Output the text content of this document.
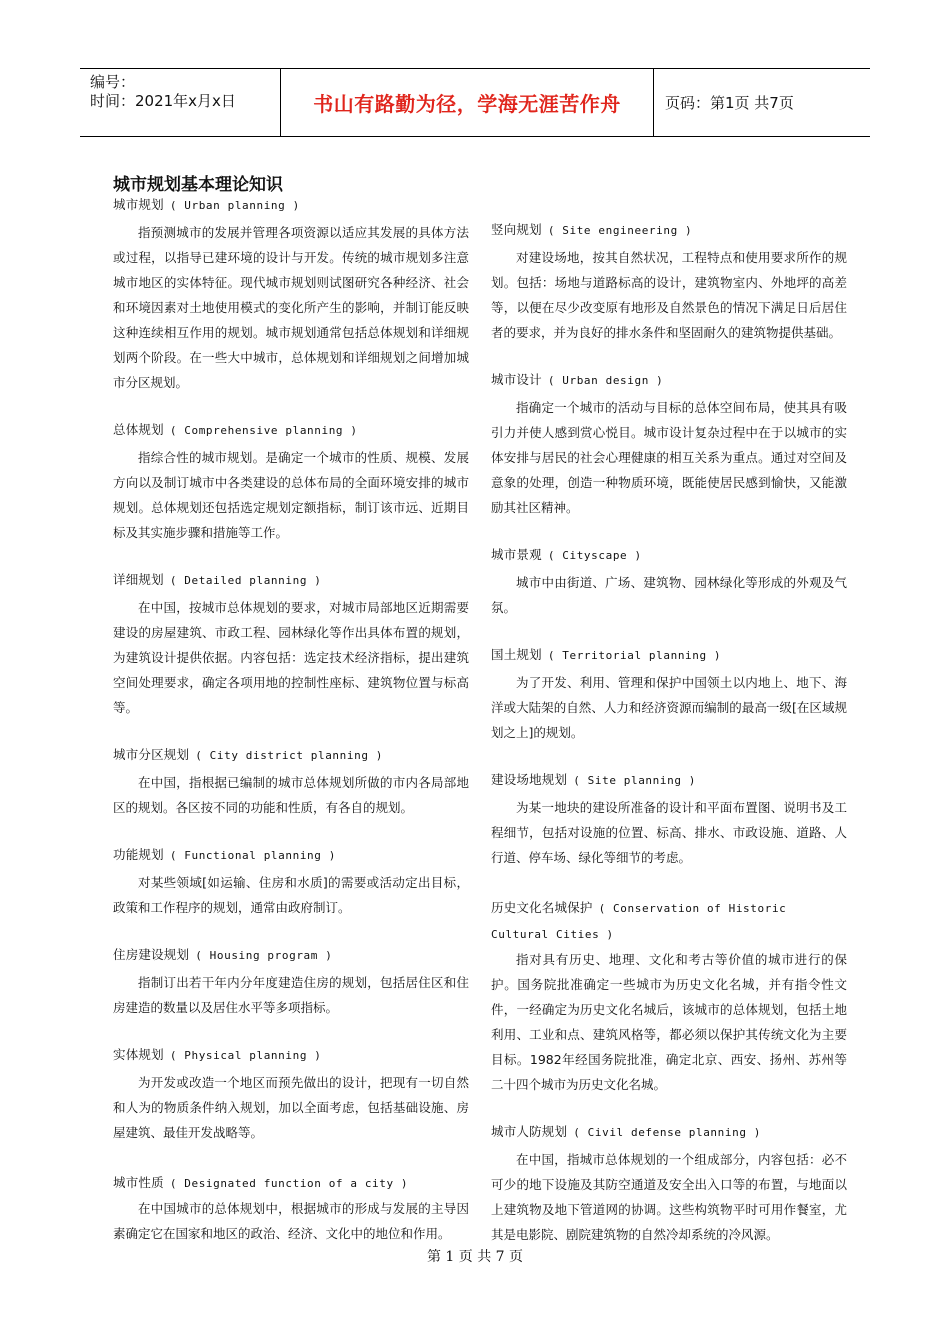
编号：
时间：2021年x月x日	书山有路勤为径，学海无涯苦作舟	页码：第1页 共7页
城市规划基本理论知识
城市规划 ( Urban planning )

指预测城市的发展并管理各项资源以适应其发展的具体方法或过程，以指导已建环境的设计与开发。传统的城市规划多注意城市地区的实体特征。现代城市规划则试图研究各种经济、社会和环境因素对土地使用模式的变化所产生的影响，并制订能反映这种连续相互作用的规划。城市规划通常包括总体规划和详细规划两个阶段。在一些大中城市，总体规划和详细规划之间增加城市分区规划。

总体规划 ( Comprehensive planning )

指综合性的城市规划。是确定一个城市的性质、规模、发展方向以及制订城市中各类建设的总体布局的全面环境安排的城市规划。总体规划还包括选定规划定额指标，制订该市远、近期目标及其实施步骤和措施等工作。

详细规划 ( Detailed planning )

在中国，按城市总体规划的要求，对城市局部地区近期需要建设的房屋建筑、市政工程、园林绿化等作出具体布置的规划，为建筑设计提供依据。内容包括：选定技术经济指标，提出建筑空间处理要求，确定各项用地的控制性座标、建筑物位置与标高等。

城市分区规划 ( City district planning )

在中国，指根据已编制的城市总体规划所做的市内各局部地区的规划。各区按不同的功能和性质，有各自的规划。

功能规划 ( Functional planning )

对某些领域[如运输、住房和水质]的需要或活动定出目标，政策和工作程序的规划，通常由政府制订。

住房建设规划 ( Housing program )

指制订出若干年内分年度建造住房的规划，包括居住区和住房建造的数量以及居住水平等多项指标。

实体规划 ( Physical planning )

为开发或改造一个地区而预先做出的设计，把现有一切自然和人为的物质条件纳入规划，加以全面考虑，包括基础设施、房屋建筑、最佳开发战略等。

城市性质 ( Designated function of a city )

在中国城市的总体规划中，根据城市的形成与发展的主导因素确定它在国家和地区的政治、经济、文化中的地位和作用。

竖向规划 ( Site engineering )

对建设场地，按其自然状况，工程特点和使用要求所作的规划。包括：场地与道路标高的设计，建筑物室内、外地坪的高差等，以便在尽少改变原有地形及自然景色的情况下满足日后居住者的要求，并为良好的排水条件和坚固耐久的建筑物提供基础。

城市设计 ( Urban design )

指确定一个城市的活动与目标的总体空间布局，使其具有吸引力并使人感到赏心悦目。城市设计复杂过程中在于以城市的实体安排与居民的社会心理健康的相互关系为重点。通过对空间及意象的处理，创造一种物质环境，既能使居民感到愉快，又能激励其社区精神。

城市景观 ( Cityscape )

城市中由街道、广场、建筑物、园林绿化等形成的外观及气氛。

国土规划 ( Territorial planning )

为了开发、利用、管理和保护中国领土以内地上、地下、海洋或大陆架的自然、人力和经济资源而编制的最高一级[在区域规划之上]的规划。

建设场地规划 ( Site planning )

为某一地块的建设所准备的设计和平面布置图、说明书及工程细节，包括对设施的位置、标高、排水、市政设施、道路、人行道、停车场、绿化等细节的考虑。

历史文化名城保护 ( Conservation of Historic Cultural Cities )

指对具有历史、地理、文化和考古等价值的城市进行的保护。国务院批准确定一些城市为历史文化名城，并有指令性文件，一经确定为历史文化名城后，该城市的总体规划，包括土地利用、工业和点、建筑风格等，都必须以保护其传统文化为主要目标。1982年经国务院批准，确定北京、西安、扬州、苏州等二十四个城市为历史文化名城。

城市人防规划 ( Civil defense planning )

在中国，指城市总体规划的一个组成部分，内容包括：必不可少的地下设施及其防空通道及安全出入口等的布置，与地面以上建筑物及地下管道网的协调。这些构筑物平时可用作餐室，尤其是电影院、剧院建筑物的自然冷却系统的冷风源。

第 1 页 共 7 页
